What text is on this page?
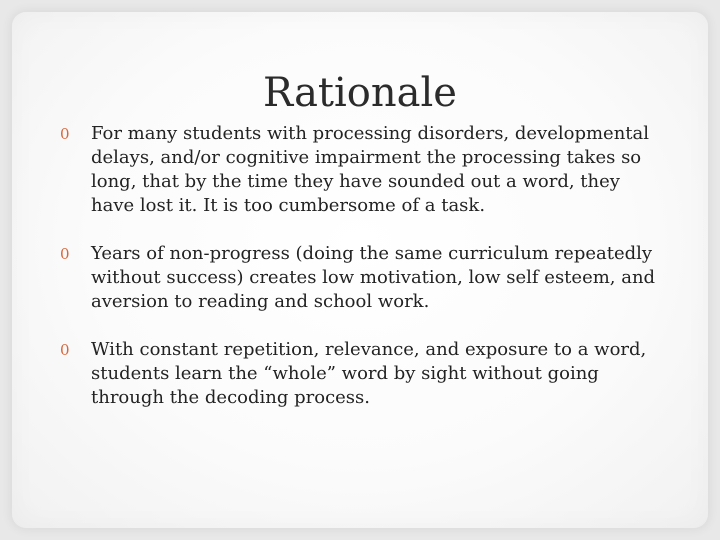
Rationale
0 For many students with processing disorders, developmental delays, and/or cognitive impairment the processing takes so long, that by the time they have sounded out a word, they have lost it. It is too cumbersome of a task.
0 Years of non-progress (doing the same curriculum repeatedly without success) creates low motivation, low self esteem, and aversion to reading and school work.
0 With constant repetition, relevance, and exposure to a word, students learn the “whole” word by sight without going through the decoding process.
